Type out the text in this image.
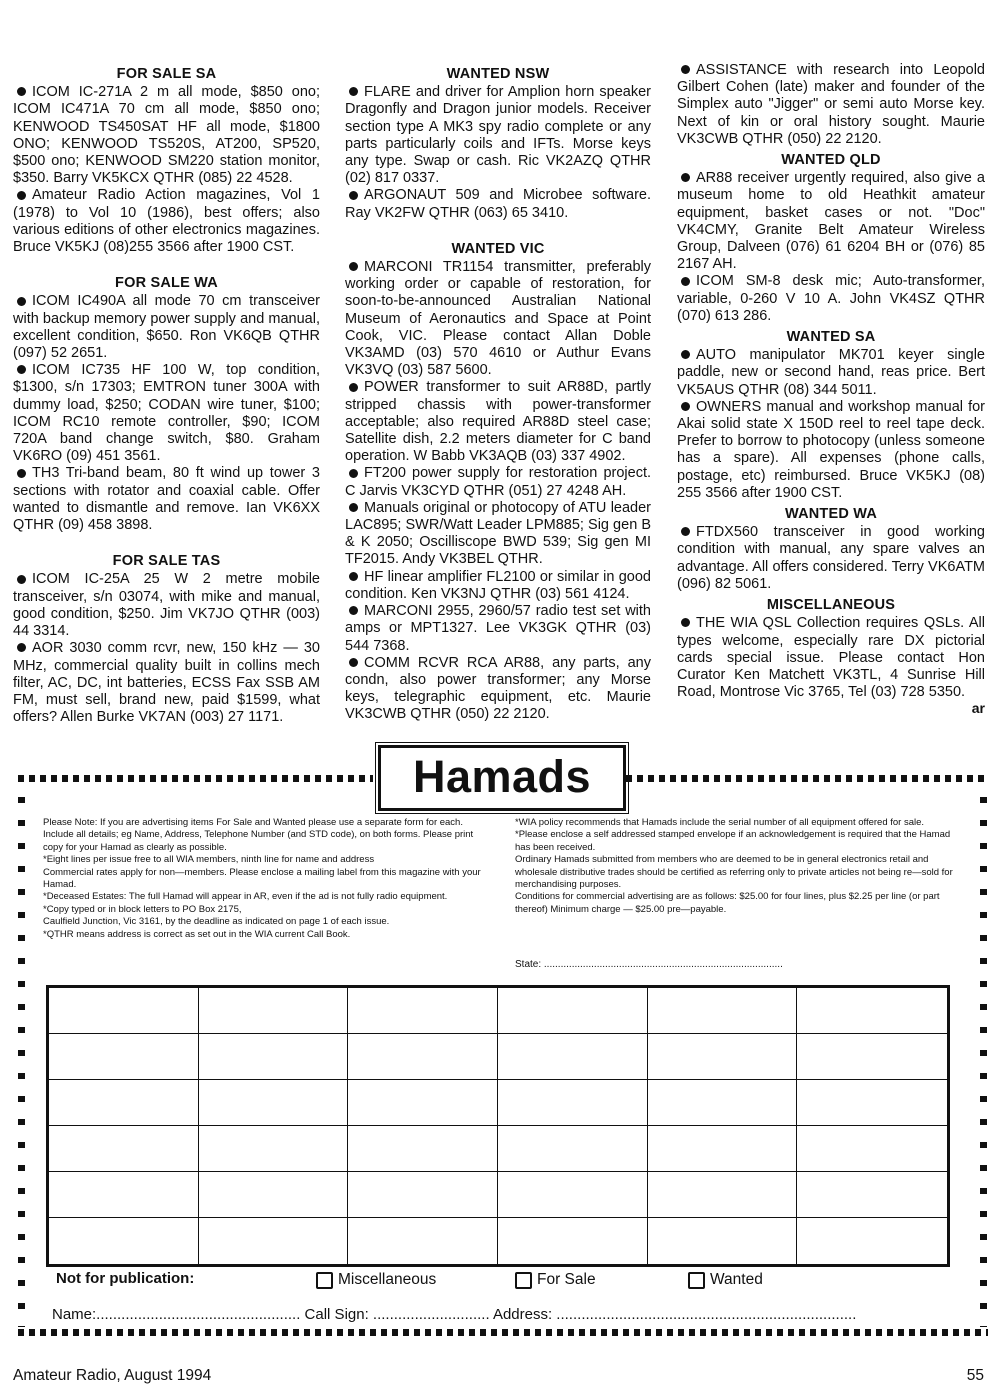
FOR SALE SA

ICOM IC-271A 2 m all mode, $850 ono; ICOM IC471A 70 cm all mode, $850 ono; KENWOOD TS450SAT HF all mode, $1800 ONO; KENWOOD TS520S, AT200, SP520, $500 ono; KENWOOD SM220 station monitor, $350. Barry VK5KCX QTHR (085) 22 4528.

Amateur Radio Action magazines, Vol 1 (1978) to Vol 10 (1986), best offers; also various editions of other electronics magazines. Bruce VK5KJ (08)255 3566 after 1900 CST.

FOR SALE WA

ICOM IC490A all mode 70 cm transceiver with backup memory power supply and manual, excellent condition, $650. Ron VK6QB QTHR (097) 52 2651.

ICOM IC735 HF 100 W, top condition, $1300, s/n 17303; EMTRON tuner 300A with dummy load, $250; CODAN wire tuner, $100; ICOM RC10 remote controller, $90; ICOM 720A band change switch, $80. Graham VK6RO (09) 451 3561.

TH3 Tri-band beam, 80 ft wind up tower 3 sections with rotator and coaxial cable. Offer wanted to dismantle and remove. Ian VK6XX QTHR (09) 458 3898.

FOR SALE TAS

ICOM IC-25A 25 W 2 metre mobile transceiver, s/n 03074, with mike and manual, good condition, $250. Jim VK7JO QTHR (003) 44 3314.

AOR 3030 comm rcvr, new, 150 kHz — 30 MHz, commercial quality built in collins mech filter, AC, DC, int batteries, ECSS Fax SSB AM FM, must sell, brand new, paid $1599, what offers? Allen Burke VK7AN (003) 27 1171.

WANTED NSW

FLARE and driver for Amplion horn speaker Dragonfly and Dragon junior models. Receiver section type A MK3 spy radio complete or any parts particularly coils and IFTs. Morse keys any type. Swap or cash. Ric VK2AZQ QTHR (02) 817 0337.

ARGONAUT 509 and Microbee software. Ray VK2FW QTHR (063) 65 3410.

WANTED VIC

MARCONI TR1154 transmitter, preferably working order or capable of restoration, for soon-to-be-announced Australian National Museum of Aeronautics and Space at Point Cook, VIC. Please contact Allan Doble VK3AMD (03) 570 4610 or Authur Evans VK3VQ (03) 587 5600.

POWER transformer to suit AR88D, partly stripped chassis with power-transformer acceptable; also required AR88D steel case; Satellite dish, 2.2 meters diameter for C band operation. W Babb VK3AQB (03) 337 4902.

FT200 power supply for restoration project. C Jarvis VK3CYD QTHR (051) 27 4248 AH.

Manuals original or photocopy of ATU leader LAC895; SWR/Watt Leader LPM885; Sig gen B & K 2050; Oscilliscope BWD 539; Sig gen MI TF2015. Andy VK3BEL QTHR.

HF linear amplifier FL2100 or similar in good condition. Ken VK3NJ QTHR (03) 561 4124.

MARCONI 2955, 2960/57 radio test set with amps or MPT1327. Lee VK3GK QTHR (03) 544 7368.

COMM RCVR RCA AR88, any parts, any condn, also power transformer; any Morse keys, telegraphic equipment, etc. Maurie VK3CWB QTHR (050) 22 2120.

ASSISTANCE with research into Leopold Gilbert Cohen (late) maker and founder of the Simplex auto "Jigger" or semi auto Morse key. Next of kin or oral history sought. Maurie VK3CWB QTHR (050) 22 2120.

WANTED QLD

AR88 receiver urgently required, also give a museum home to old Heathkit amateur equipment, basket cases or not. "Doc" VK4CMY, Granite Belt Amateur Wireless Group, Dalveen (076) 61 6204 BH or (076) 85 2167 AH.

ICOM SM-8 desk mic; Auto-transformer, variable, 0-260 V 10 A. John VK4SZ QTHR (070) 613 286.

WANTED SA

AUTO manipulator MK701 keyer single paddle, new or second hand, reas price. Bert VK5AUS QTHR (08) 344 5011.

OWNERS manual and workshop manual for Akai solid state X 150D reel to reel tape deck. Prefer to borrow to photocopy (unless someone has a spare). All expenses (phone calls, postage, etc) reimbursed. Bruce VK5KJ (08) 255 3566 after 1900 CST.

WANTED WA

FTDX560 transceiver in good working condition with manual, any spare valves an advantage. All offers considered. Terry VK6ATM (096) 82 5061.

MISCELLANEOUS

THE WIA QSL Collection requires QSLs. All types welcome, especially rare DX pictorial cards special issue. Please contact Hon Curator Ken Matchett VK3TL, 4 Sunrise Hill Road, Montrose Vic 3765, Tel (03) 728 5350.

ar
Hamads

Please Note: If you are advertising items For Sale and Wanted please use a separate form for each. Include all details; eg Name, Address, Telephone Number (and STD code), on both forms. Please print copy for your Hamad as clearly as possible.

*Eight lines per issue free to all WIA members, ninth line for name and address

Commercial rates apply for non—members. Please enclose a mailing label from this magazine with your Hamad.

*Deceased Estates: The full Hamad will appear in AR, even if the ad is not fully radio equipment.

*Copy typed or in block letters to PO Box 2175,

Caulfield Junction, Vic 3161, by the deadline as indicated on page 1 of each issue.

*QTHR means address is correct as set out in the WIA current Call Book.

*WIA policy recommends that Hamads include the serial number of all equipment offered for sale.

*Please enclose a self addressed stamped envelope if an acknowledgement is required that the Hamad has been received.

Ordinary Hamads submitted from members who are deemed to be in general electronics retail and wholesale distributive trades should be certified as referring only to private articles not being re—sold for merchandising purposes.

Conditions for commercial advertising are as follows: $25.00 for four lines, plus $2.25 per line (or part thereof) Minimum charge — $25.00 pre—payable.

State: ......................................................................................
Not for publication:	Miscellaneous	For Sale	Wanted
Name:................................................. Call Sign: ............................ Address: ........................................................................
Amateur Radio, August 1994	55
